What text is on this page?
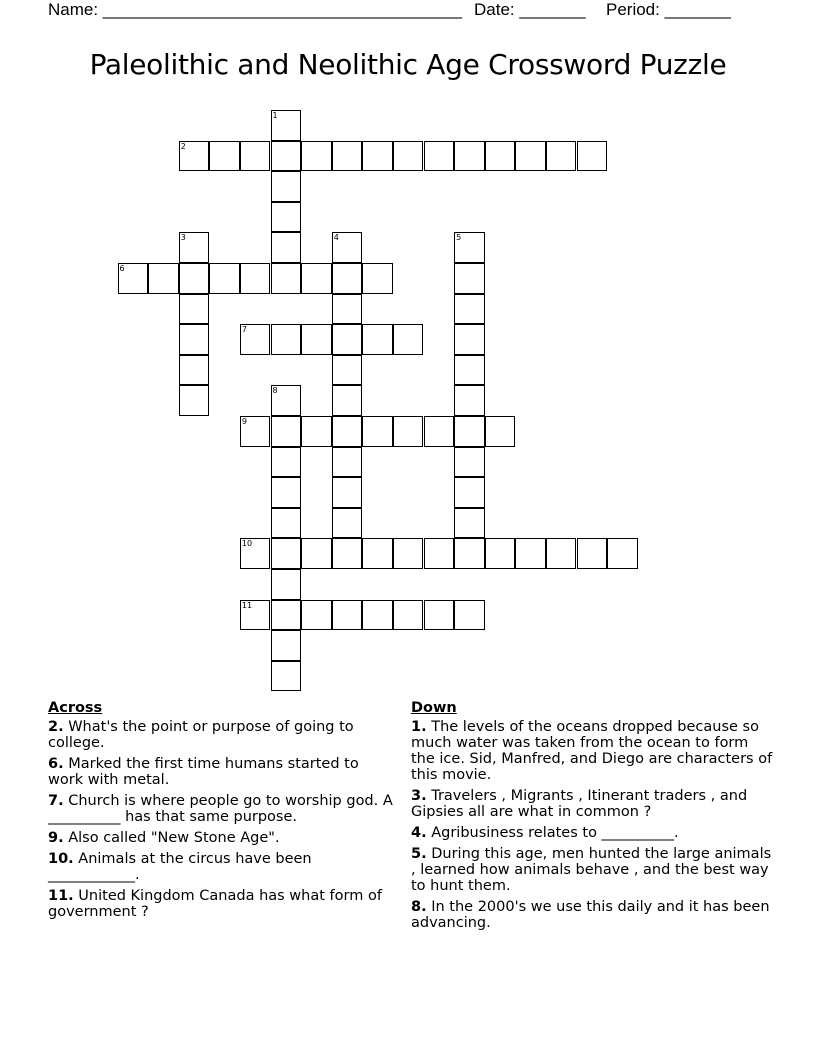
Name: ______________________________________ Date: _______ Period: _______
Paleolithic and Neolithic Age Crossword Puzzle
1
2
3	4	5
6
7
8
9
10
11
Across
2. What's the point or purpose of going to college.
6. Marked the first time humans started to work with metal.
7. Church is where people go to worship god. A __________ has that same purpose.
9. Also called "New Stone Age".
10. Animals at the circus have been ____________.
11. United Kingdom Canada has what form of government ?
Down
1. The levels of the oceans dropped because so much water was taken from the ocean to form the ice. Sid, Manfred, and Diego are characters of this movie.
3. Travelers , Migrants , Itinerant traders , and Gipsies all are what in common ?
4. Agribusiness relates to __________.
5. During this age, men hunted the large animals , learned how animals behave , and the best way to hunt them.
8. In the 2000's we use this daily and it has been advancing.
